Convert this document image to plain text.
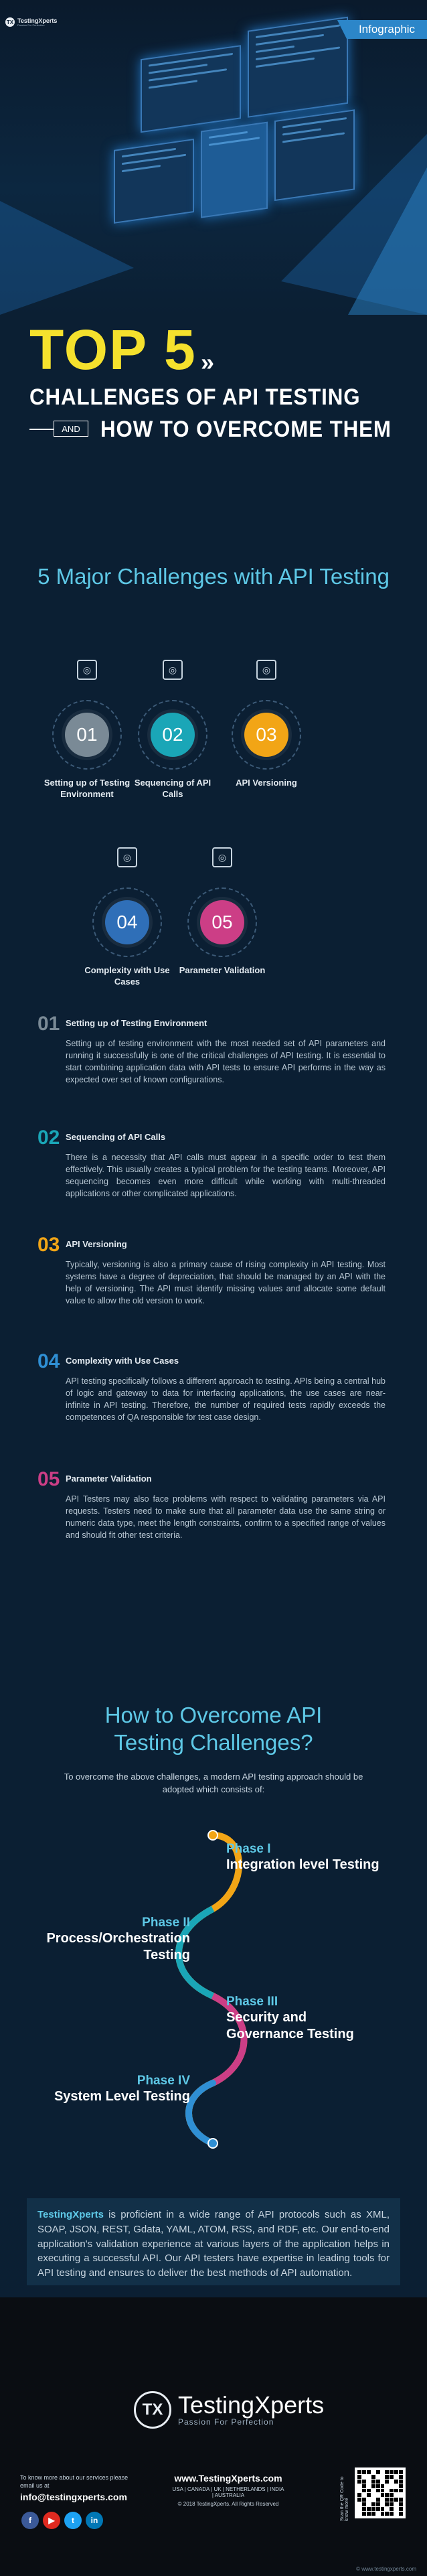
TX TestingXperts
Passion For Perfection	Infographic
TOP 5 »
CHALLENGES OF API TESTING
AND HOW TO OVERCOME THEM
5 Major Challenges with API Testing
◎
01
Setting up of Testing Environment
◎
02
Sequencing of API Calls
◎
03
API Versioning
◎
04
Complexity with Use Cases
◎
05
Parameter Validation
01 Setting up of Testing Environment
Setting up of testing environment with the most needed set of API parameters and running it successfully is one of the critical challenges of API testing. It is essential to start combining application data with API tests to ensure API performs in the way as expected over set of known configurations.
02 Sequencing of API Calls
There is a necessity that API calls must appear in a specific order to test them effectively. This usually creates a typical problem for the testing teams. Moreover, API sequencing becomes even more difficult while working with multi-threaded applications or other complicated applications.
03 API Versioning
Typically, versioning is also a primary cause of rising complexity in API testing. Most systems have a degree of depreciation, that should be managed by an API with the help of versioning. The API must identify missing values and allocate some default value to allow the old version to work.
04 Complexity with Use Cases
API testing specifically follows a different approach to testing. APIs being a central hub of logic and gateway to data for interfacing applications, the use cases are near-infinite in API testing. Therefore, the number of required tests rapidly exceeds the competences of QA responsible for test case design.
05 Parameter Validation
API Testers may also face problems with respect to validating parameters via API requests. Testers need to make sure that all parameter data use the same string or numeric data type, meet the length constraints, confirm to a specified range of values and should fit other test criteria.
How to Overcome API Testing Challenges?
To overcome the above challenges, a modern API testing approach should be adopted which consists of:
Phase I
Integration level Testing
Phase II
Process/Orchestration Testing
Phase III
Security and Governance Testing
Phase IV
System Level Testing
TestingXperts is proficient in a wide range of API protocols such as XML, SOAP, JSON, REST, Gdata, YAML, ATOM, RSS, and RDF, etc. Our end-to-end application's validation experience at various layers of the application helps in executing a successful API. Our API testers have expertise in leading tools for API testing and ensures to deliver the best methods of API automation.
TX TestingXperts
Passion For Perfection
To know more about our services please email us at
info@testingxperts.com
f	▶	t	in
www.TestingXperts.com
USA | CANADA | UK | NETHERLANDS | INDIA | AUSTRALIA
© 2018 TestingXperts. All Rights Reserved	Scan the QR Code to know more
© www.testingxperts.com
